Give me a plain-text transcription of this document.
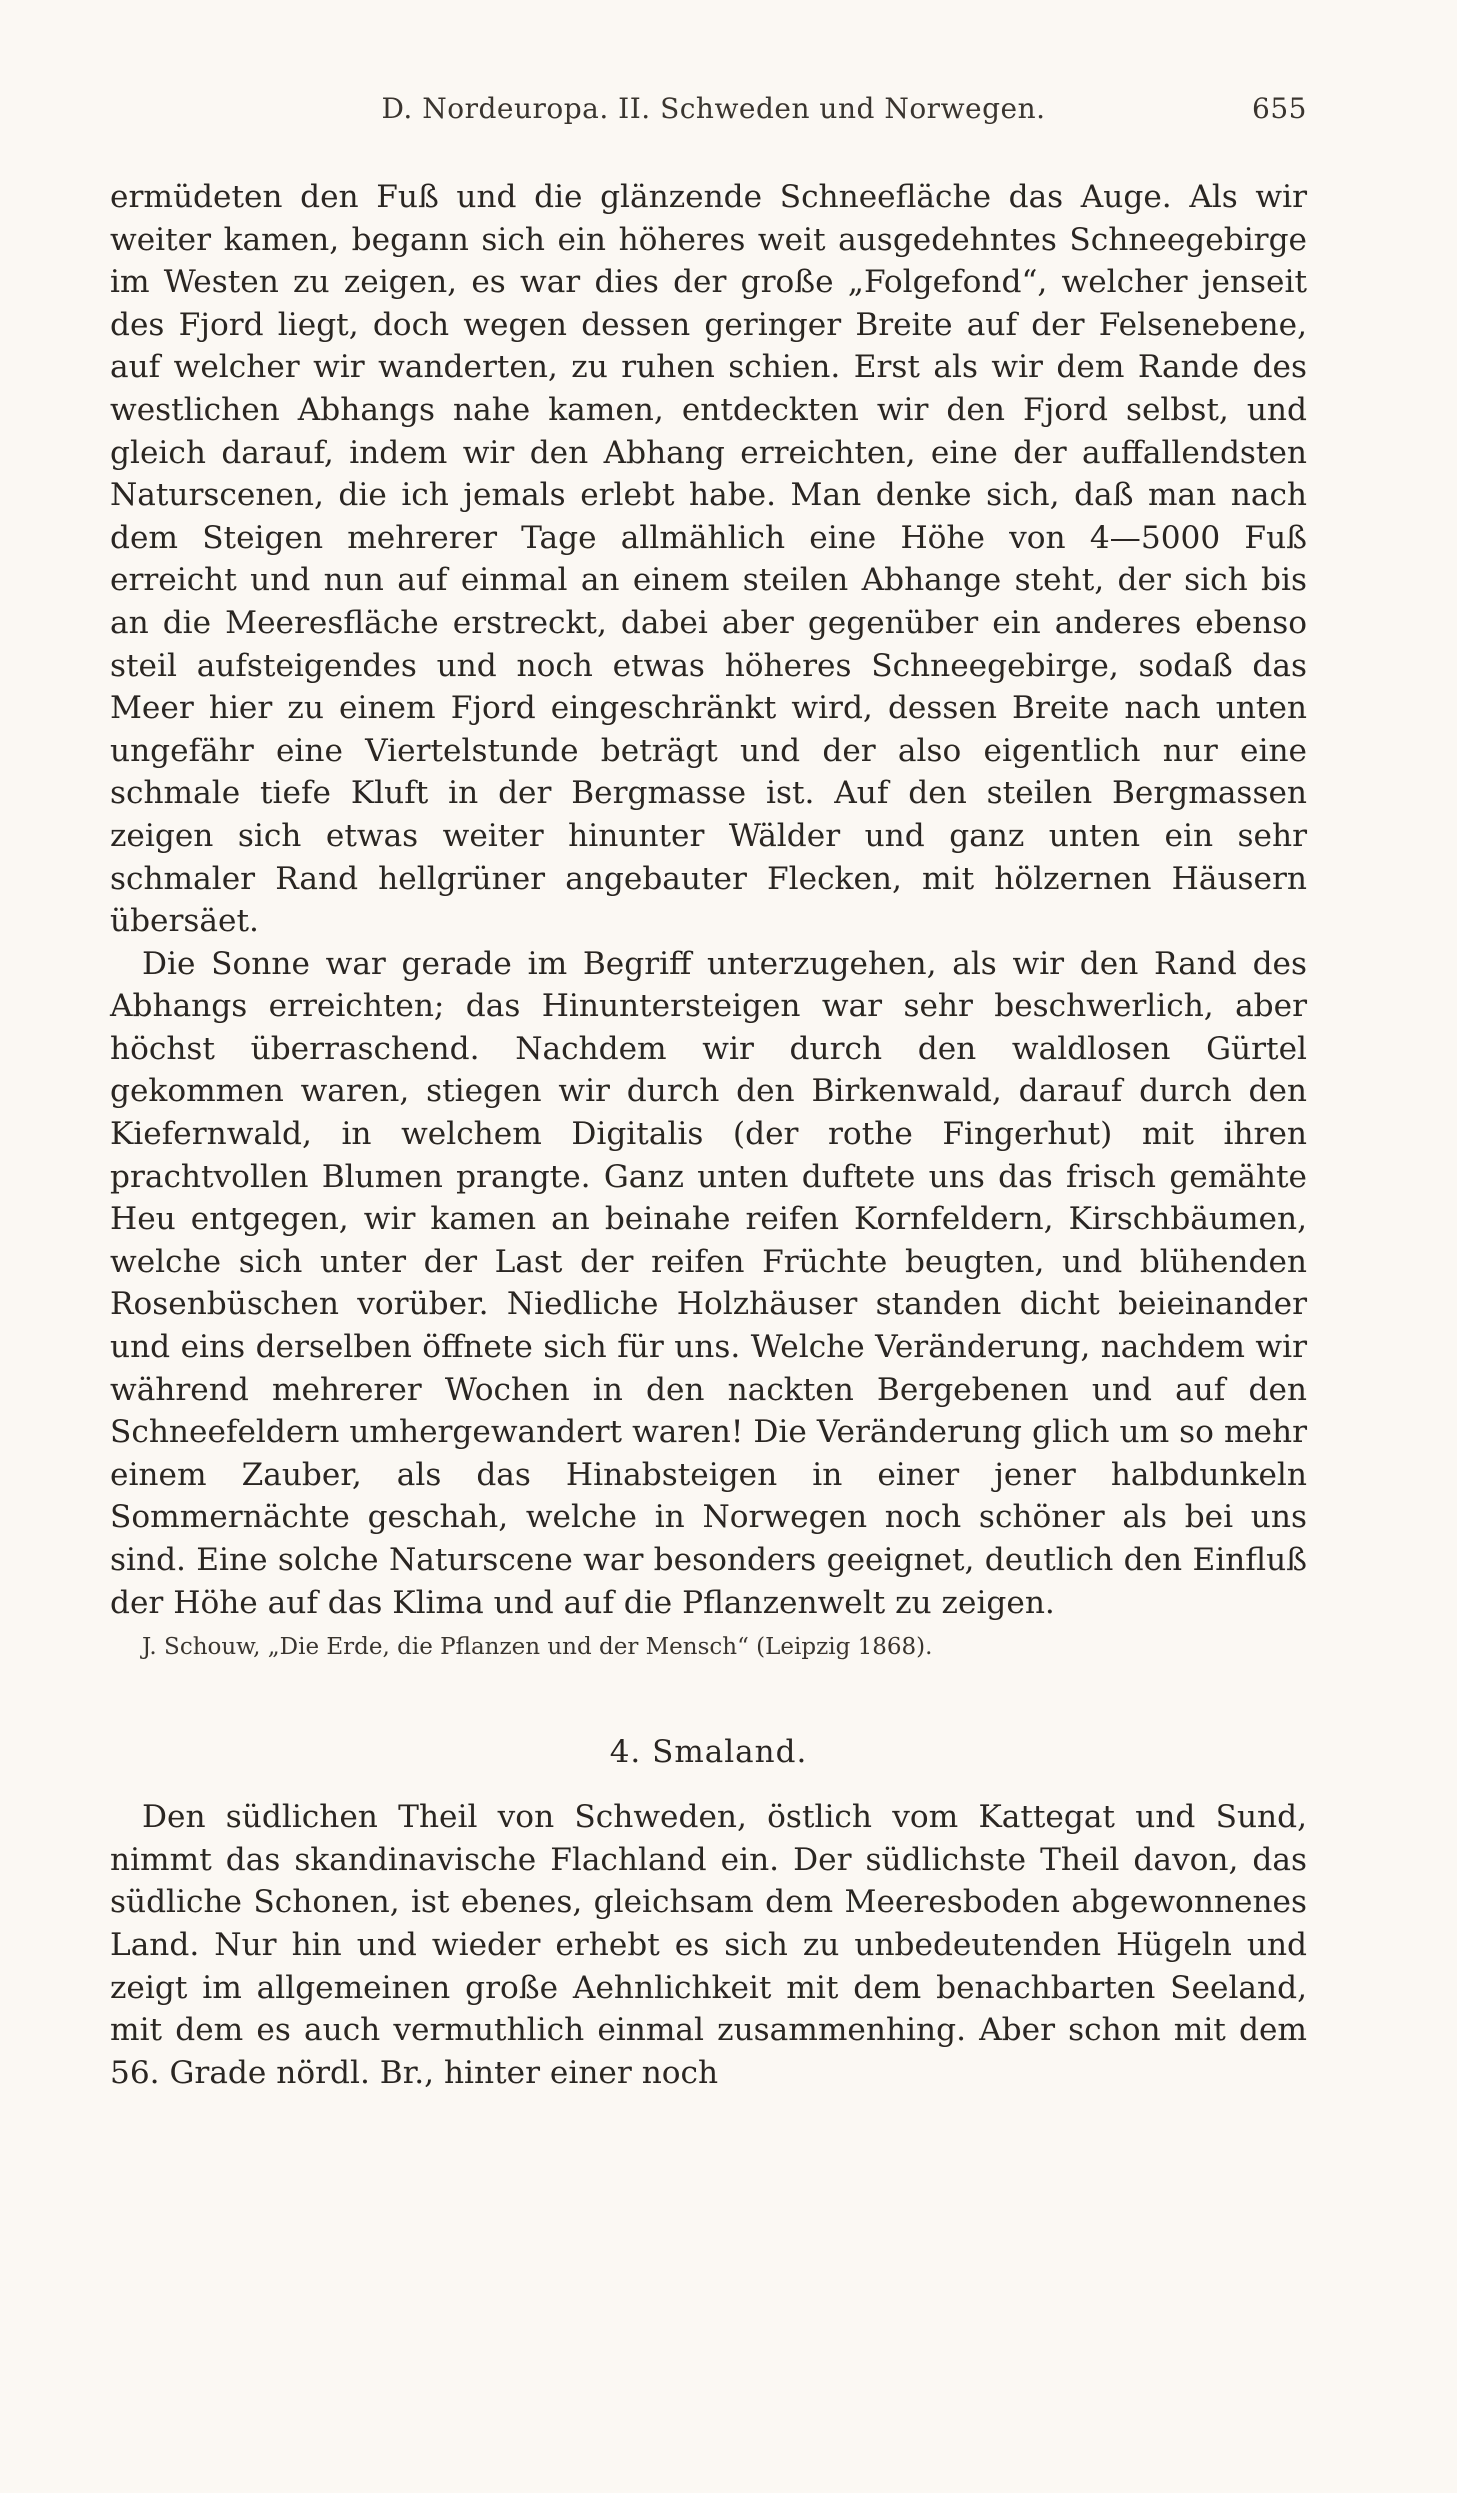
D. Nordeuropa. II. Schweden und Norwegen.	655

ermüdeten den Fuß und die glänzende Schneefläche das Auge. Als wir weiter kamen, begann sich ein höheres weit ausgedehntes Schneegebirge im Westen zu zeigen, es war dies der große „Folgefond“, welcher jenseit des Fjord liegt, doch wegen dessen geringer Breite auf der Felsenebene, auf welcher wir wanderten, zu ruhen schien. Erst als wir dem Rande des westlichen Abhangs nahe kamen, entdeckten wir den Fjord selbst, und gleich darauf, indem wir den Abhang erreichten, eine der auffallendsten Naturscenen, die ich jemals erlebt habe. Man denke sich, daß man nach dem Steigen mehrerer Tage allmählich eine Höhe von 4—5000 Fuß erreicht und nun auf einmal an einem steilen Abhange steht, der sich bis an die Meeresfläche erstreckt, dabei aber gegenüber ein anderes ebenso steil aufsteigendes und noch etwas höheres Schneegebirge, sodaß das Meer hier zu einem Fjord eingeschränkt wird, dessen Breite nach unten ungefähr eine Viertelstunde beträgt und der also eigentlich nur eine schmale tiefe Kluft in der Bergmasse ist. Auf den steilen Bergmassen zeigen sich etwas weiter hinunter Wälder und ganz unten ein sehr schmaler Rand hellgrüner angebauter Flecken, mit hölzernen Häusern übersäet.

Die Sonne war gerade im Begriff unterzugehen, als wir den Rand des Abhangs erreichten; das Hinuntersteigen war sehr beschwerlich, aber höchst überraschend. Nachdem wir durch den waldlosen Gürtel gekommen waren, stiegen wir durch den Birkenwald, darauf durch den Kiefernwald, in welchem Digitalis (der rothe Fingerhut) mit ihren prachtvollen Blumen prangte. Ganz unten duftete uns das frisch gemähte Heu entgegen, wir kamen an beinahe reifen Kornfeldern, Kirschbäumen, welche sich unter der Last der reifen Früchte beugten, und blühenden Rosenbüschen vorüber. Niedliche Holzhäuser standen dicht beieinander und eins derselben öffnete sich für uns. Welche Veränderung, nachdem wir während mehrerer Wochen in den nackten Bergebenen und auf den Schneefeldern umhergewandert waren! Die Veränderung glich um so mehr einem Zauber, als das Hinabsteigen in einer jener halbdunkeln Sommernächte geschah, welche in Norwegen noch schöner als bei uns sind. Eine solche Naturscene war besonders geeignet, deutlich den Einfluß der Höhe auf das Klima und auf die Pflanzenwelt zu zeigen.

J. Schouw, „Die Erde, die Pflanzen und der Mensch“ (Leipzig 1868).
4. Smaland.

Den südlichen Theil von Schweden, östlich vom Kattegat und Sund, nimmt das skandinavische Flachland ein. Der südlichste Theil davon, das südliche Schonen, ist ebenes, gleichsam dem Meeresboden abgewonnenes Land. Nur hin und wieder erhebt es sich zu unbedeutenden Hügeln und zeigt im allgemeinen große Aehnlichkeit mit dem benachbarten Seeland, mit dem es auch vermuthlich einmal zusammenhing. Aber schon mit dem 56. Grade nördl. Br., hinter einer noch
